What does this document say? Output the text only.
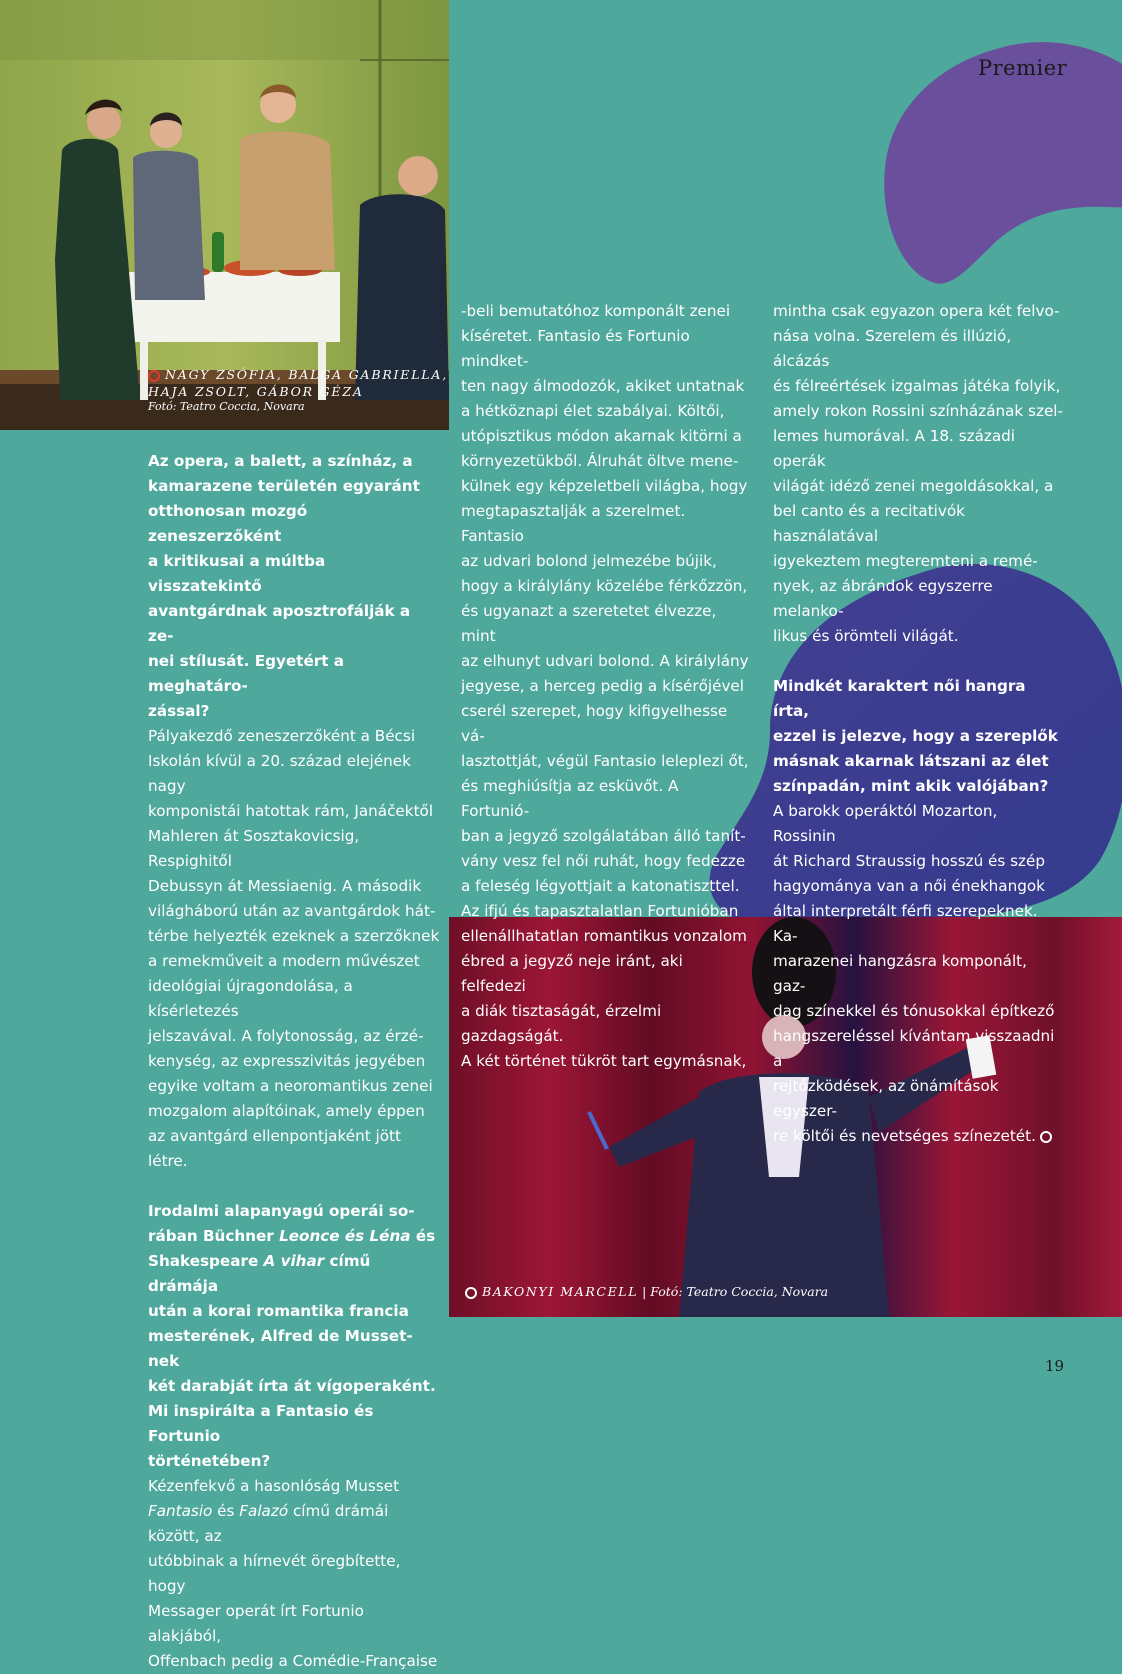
Premier
NAGY ZSÓFIA, BALGA GABRIELLA,
HAJA ZSOLT, GÁBOR GÉZA
Fotó: Teatro Coccia, Novara
BAKONYI MARCELL | Fotó: Teatro Coccia, Novara

Az opera, a balett, a színház, a

kamarazene területén egyaránt

otthonosan mozgó zeneszerzőként

a kritikusai a múltba visszatekintő

avantgárdnak aposztrofálják a ze-

nei stílusát. Egyetért a meghatáro-

zással?

Pályakezdő zeneszerzőként a Bécsi

Iskolán kívül a 20. század elejének nagy

komponistái hatottak rám, Janáčektől

Mahleren át Sosztakovicsig, Respighitől

Debussyn át Messiaenig. A második

világháború után az avantgárdok hát-

térbe helyezték ezeknek a szerzőknek

a remekműveit a modern művészet

ideológiai újragondolása, a kísérletezés

jelszavával. A folytonosság, az érzé-

kenység, az expresszivitás jegyében

egyike voltam a neoromantikus zenei

mozgalom alapítóinak, amely éppen

az avantgárd ellenpontjaként jött létre.

Irodalmi alapanyagú operái so-

rában Büchner Leonce és Léna és

Shakespeare A vihar című drámája

után a korai romantika francia

mesterének, Alfred de Musset-nek

két darabját írta át vígoperaként.

Mi inspirálta a Fantasio és Fortunio

történetében?

Kézenfekvő a hasonlóság Musset

Fantasio és Falazó című drámái között, az

utóbbinak a hírnevét öregbítette, hogy

Messager operát írt Fortunio alakjából,

Offenbach pedig a Comédie-Française

-beli bemutatóhoz komponált zenei

kíséretet. Fantasio és Fortunio mindket-

ten nagy álmodozók, akiket untatnak

a hétköznapi élet szabályai. Költői,

utópisztikus módon akarnak kitörni a

környezetükből. Álruhát öltve mene-

külnek egy képzeletbeli világba, hogy

megtapasztalják a szerelmet. Fantasio

az udvari bolond jelmezébe bújik,

hogy a királylány közelébe férkőzzön,

és ugyanazt a szeretetet élvezze, mint

az elhunyt udvari bolond. A királylány

jegyese, a herceg pedig a kísérőjével

cserél szerepet, hogy kifigyelhesse vá-

lasztottját, végül Fantasio leleplezi őt,

és meghiúsítja az esküvőt. A Fortunió-

ban a jegyző szolgálatában álló tanít-

vány vesz fel női ruhát, hogy fedezze

a feleség légyottjait a katonatiszttel.

Az ifjú és tapasztalatlan Fortunióban

ellenállhatatlan romantikus vonzalom

ébred a jegyző neje iránt, aki felfedezi

a diák tisztaságát, érzelmi gazdagságát.

A két történet tükröt tart egymásnak,

mintha csak egyazon opera két felvo-

nása volna. Szerelem és illúzió, álcázás

és félreértések izgalmas játéka folyik,

amely rokon Rossini színházának szel-

lemes humorával. A 18. századi operák

világát idéző zenei megoldásokkal, a

bel canto és a recitativók használatával

igyekeztem megteremteni a remé-

nyek, az ábrándok egyszerre melanko-

likus és örömteli világát.

Mindkét karaktert női hangra írta,

ezzel is jelezve, hogy a szereplők

másnak akarnak látszani az élet

színpadán, mint akik valójában?

A barokk operáktól Mozarton, Rossinin

át Richard Straussig hosszú és szép

hagyománya van a női énekhangok

által interpretált férfi szerepeknek. Ka-

marazenei hangzásra komponált, gaz-

dag színekkel és tónusokkal építkező

hangszereléssel kívántam visszaadni a

rejtőzködések, az önámítások egyszer-

re költői és nevetséges színezetét.

19
